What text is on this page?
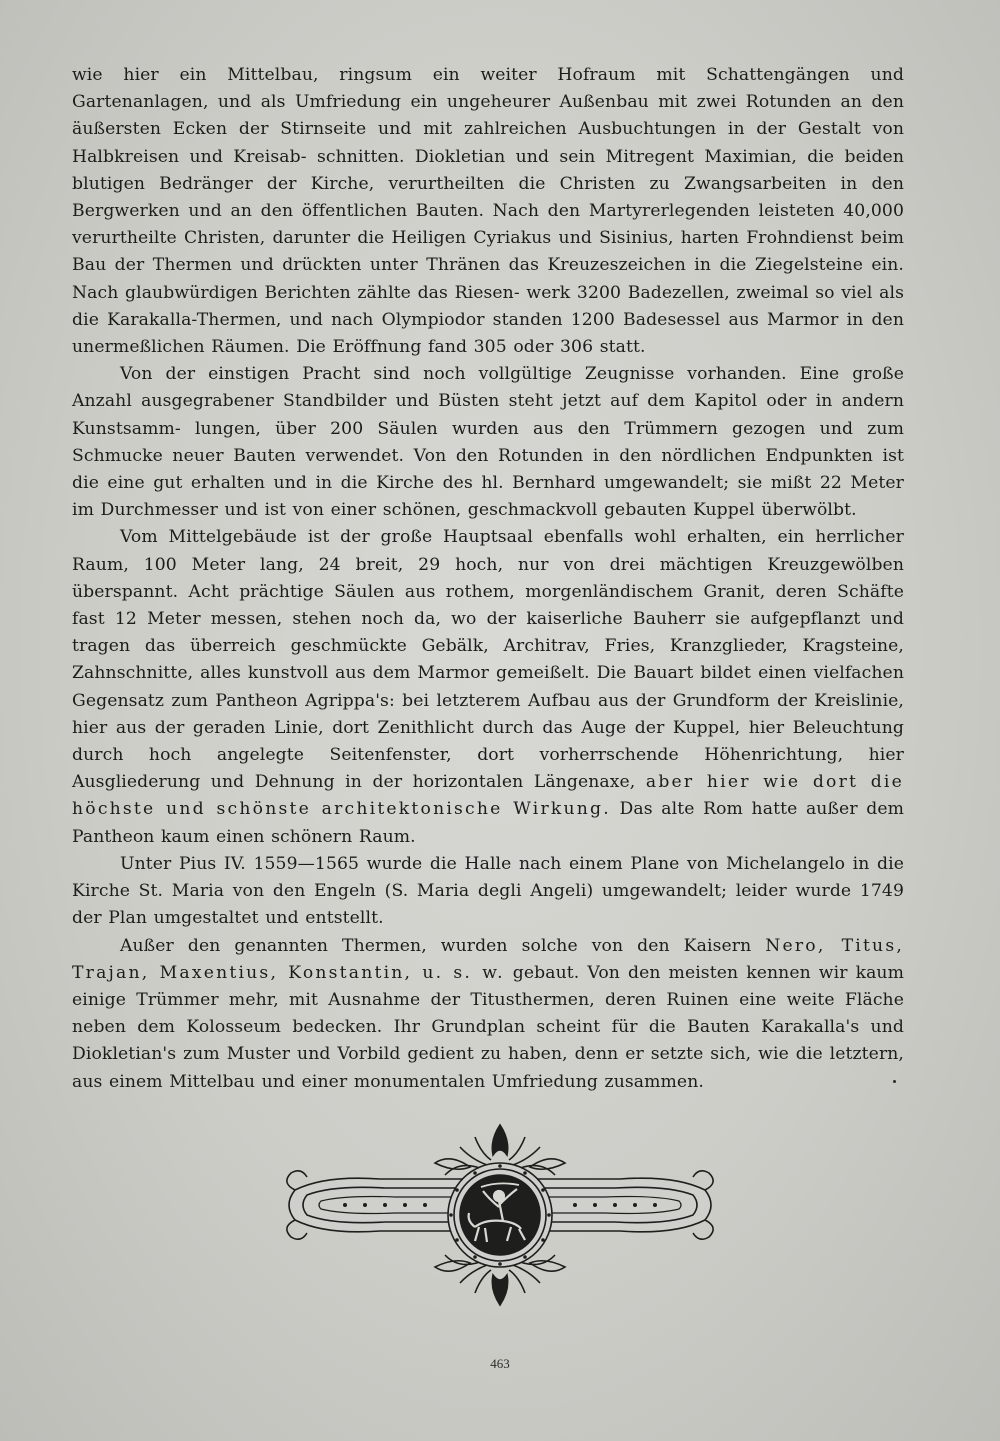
wie hier ein Mittelbau, ringsum ein weiter Hofraum mit Schattengängen und Gartenanlagen, und als Umfriedung ein ungeheurer Außenbau mit zwei Rotunden an den äußersten Ecken der Stirnseite und mit zahlreichen Ausbuchtungen in der Gestalt von Halbkreisen und Kreisab- schnitten. Diokletian und sein Mitregent Maximian, die beiden blutigen Bedränger der Kirche, verurtheilten die Christen zu Zwangsarbeiten in den Bergwerken und an den öffentlichen Bauten. Nach den Martyrerlegenden leisteten 40,000 verurtheilte Christen, darunter die Heiligen Cyriakus und Sisinius, harten Frohndienst beim Bau der Thermen und drückten unter Thränen das Kreuzeszeichen in die Ziegelsteine ein. Nach glaubwürdigen Berichten zählte das Riesen- werk 3200 Badezellen, zweimal so viel als die Karakalla-Thermen, und nach Olympiodor standen 1200 Badesessel aus Marmor in den unermeßlichen Räumen. Die Eröffnung fand 305 oder 306 statt.

Von der einstigen Pracht sind noch vollgültige Zeugnisse vorhanden. Eine große Anzahl ausgegrabener Standbilder und Büsten steht jetzt auf dem Kapitol oder in andern Kunstsamm- lungen, über 200 Säulen wurden aus den Trümmern gezogen und zum Schmucke neuer Bauten verwendet. Von den Rotunden in den nördlichen Endpunkten ist die eine gut erhalten und in die Kirche des hl. Bernhard umgewandelt; sie mißt 22 Meter im Durchmesser und ist von einer schönen, geschmackvoll gebauten Kuppel überwölbt.

Vom Mittelgebäude ist der große Hauptsaal ebenfalls wohl erhalten, ein herrlicher Raum, 100 Meter lang, 24 breit, 29 hoch, nur von drei mächtigen Kreuzgewölben überspannt. Acht prächtige Säulen aus rothem, morgenländischem Granit, deren Schäfte fast 12 Meter messen, stehen noch da, wo der kaiserliche Bauherr sie aufgepflanzt und tragen das überreich geschmückte Gebälk, Architrav, Fries, Kranzglieder, Kragsteine, Zahnschnitte, alles kunstvoll aus dem Marmor gemeißelt. Die Bauart bildet einen vielfachen Gegensatz zum Pantheon Agrippa's: bei letzterem Aufbau aus der Grundform der Kreislinie, hier aus der geraden Linie, dort Zenithlicht durch das Auge der Kuppel, hier Beleuchtung durch hoch angelegte Seitenfenster, dort vorherrschende Höhenrichtung, hier Ausgliederung und Dehnung in der horizontalen Längenaxe, aber hier wie dort die höchste und schönste architektonische Wirkung. Das alte Rom hatte außer dem Pantheon kaum einen schönern Raum.

Unter Pius IV. 1559—1565 wurde die Halle nach einem Plane von Michelangelo in die Kirche St. Maria von den Engeln (S. Maria degli Angeli) umgewandelt; leider wurde 1749 der Plan umgestaltet und entstellt.

Außer den genannten Thermen, wurden solche von den Kaisern Nero, Titus, Trajan, Maxentius, Konstantin, u. s. w. gebaut. Von den meisten kennen wir kaum einige Trümmer mehr, mit Ausnahme der Titusthermen, deren Ruinen eine weite Fläche neben dem Kolosseum bedecken. Ihr Grundplan scheint für die Bauten Karakalla's und Diokletian's zum Muster und Vorbild gedient zu haben, denn er setzte sich, wie die letztern, aus einem Mittelbau und einer monumentalen Umfriedung zusammen.

463
